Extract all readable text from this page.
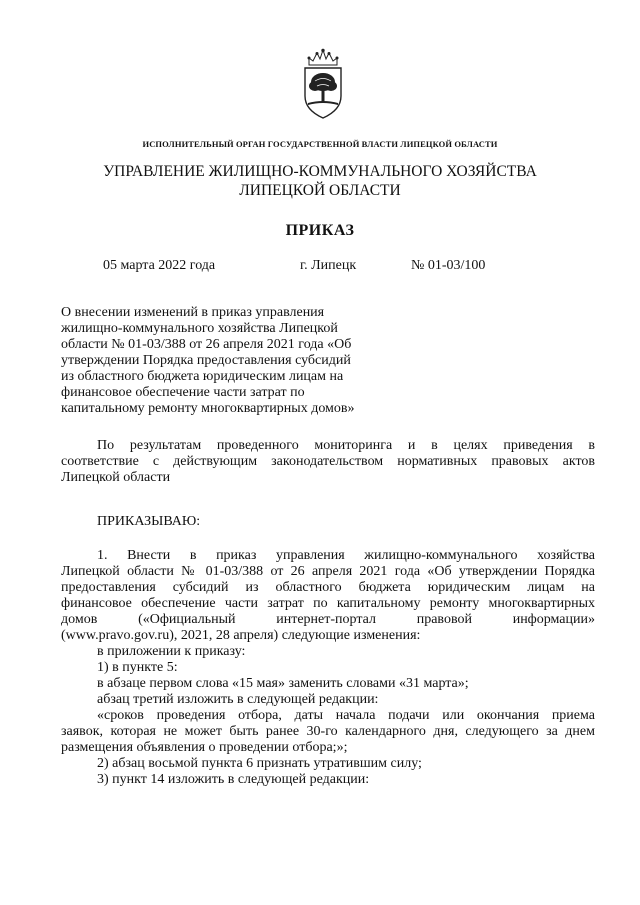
ИСПОЛНИТЕЛЬНЫЙ ОРГАН ГОСУДАРСТВЕННОЙ ВЛАСТИ ЛИПЕЦКОЙ ОБЛАСТИ
УПРАВЛЕНИЕ ЖИЛИЩНО-КОММУНАЛЬНОГО ХОЗЯЙСТВА
ЛИПЕЦКОЙ ОБЛАСТИ
ПРИКАЗ
05 марта 2022 года	г. Липецк	№ 01-03/100
О внесении изменений в приказ управления
жилищно-коммунального хозяйства Липецкой
области № 01-03/388 от 26 апреля 2021 года «Об
утверждении Порядка предоставления субсидий
из областного бюджета юридическим лицам на
финансовое обеспечение части затрат по
капитальному ремонту многоквартирных домов»
По результатам проведенного мониторинга и в целях приведения в
соответствие с действующим законодательством нормативных правовых актов
Липецкой области
ПРИКАЗЫВАЮ:
1. Внести в приказ управления жилищно-коммунального хозяйства
Липецкой области № 01-03/388 от 26 апреля 2021 года «Об утверждении Порядка
предоставления субсидий из областного бюджета юридическим лицам на
финансовое обеспечение части затрат по капитальному ремонту многоквартирных
домов («Официальный интернет-портал правовой информации»
(www.pravo.gov.ru), 2021, 28 апреля) следующие изменения:
в приложении к приказу:
1) в пункте 5:
в абзаце первом слова «15 мая» заменить словами «31 марта»;
абзац третий изложить в следующей редакции:
«сроков проведения отбора, даты начала подачи или окончания приема
заявок, которая не может быть ранее 30-го календарного дня, следующего за днем
размещения объявления о проведении отбора;»;
2) абзац восьмой пункта 6 признать утратившим силу;
3) пункт 14 изложить в следующей редакции:
